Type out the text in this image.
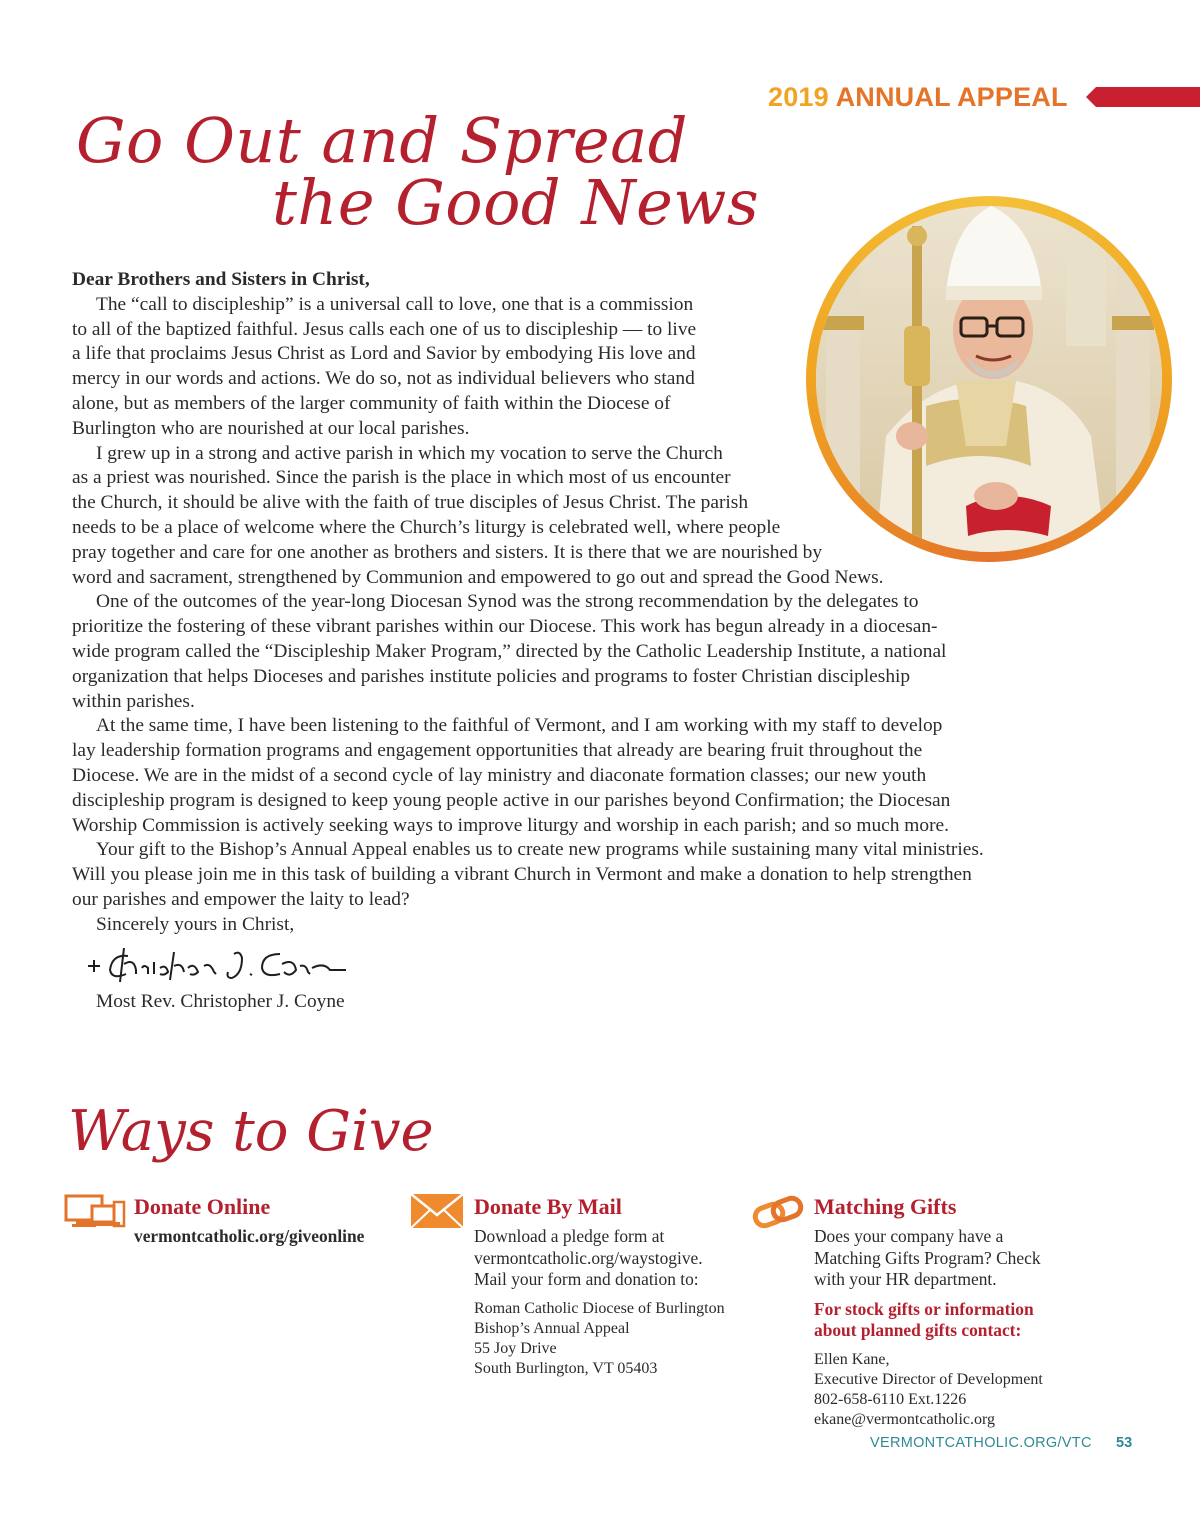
2019 ANNUAL APPEAL
Go Out and Spread
the Good News

Dear Brothers and Sisters in Christ,

The “call to discipleship” is a universal call to love, one that is a commission
to all of the baptized faithful. Jesus calls each one of us to discipleship — to live
a life that proclaims Jesus Christ as Lord and Savior by embodying His love and
mercy in our words and actions. We do so, not as individual believers who stand
alone, but as members of the larger community of faith within the Diocese of
Burlington who are nourished at our local parishes.

I grew up in a strong and active parish in which my vocation to serve the Church
as a priest was nourished. Since the parish is the place in which most of us encounter
the Church, it should be alive with the faith of true disciples of Jesus Christ. The parish
needs to be a place of welcome where the Church’s liturgy is celebrated well, where people
pray together and care for one another as brothers and sisters. It is there that we are nourished by
word and sacrament, strengthened by Communion and empowered to go out and spread the Good News.

One of the outcomes of the year-long Diocesan Synod was the strong recommendation by the delegates to
prioritize the fostering of these vibrant parishes within our Diocese. This work has begun already in a diocesan-
wide program called the “Discipleship Maker Program,” directed by the Catholic Leadership Institute, a national
organization that helps Dioceses and parishes institute policies and programs to foster Christian discipleship
within parishes.

At the same time, I have been listening to the faithful of Vermont, and I am working with my staff to develop
lay leadership formation programs and engagement opportunities that already are bearing fruit throughout the
Diocese. We are in the midst of a second cycle of lay ministry and diaconate formation classes; our new youth
discipleship program is designed to keep young people active in our parishes beyond Confirmation; the Diocesan
Worship Commission is actively seeking ways to improve liturgy and worship in each parish; and so much more.

Your gift to the Bishop’s Annual Appeal enables us to create new programs while sustaining many vital ministries.
Will you please join me in this task of building a vibrant Church in Vermont and make a donation to help strengthen
our parishes and empower the laity to lead?

Sincerely yours in Christ,

Most Rev. Christopher J. Coyne
Ways to Give
Donate Online

vermontcatholic.org/giveonline

Donate By Mail

Download a pledge form at

vermontcatholic.org/waystogive.

Mail your form and donation to:

Roman Catholic Diocese of Burlington

Bishop’s Annual Appeal

55 Joy Drive

South Burlington, VT 05403

Matching Gifts

Does your company have a

Matching Gifts Program? Check

with your HR department.

For stock gifts or information

about planned gifts contact:

Ellen Kane,

Executive Director of Development

802-658-6110 Ext.1226

ekane@vermontcatholic.org

VERMONTCATHOLIC.ORG/VTC 53
